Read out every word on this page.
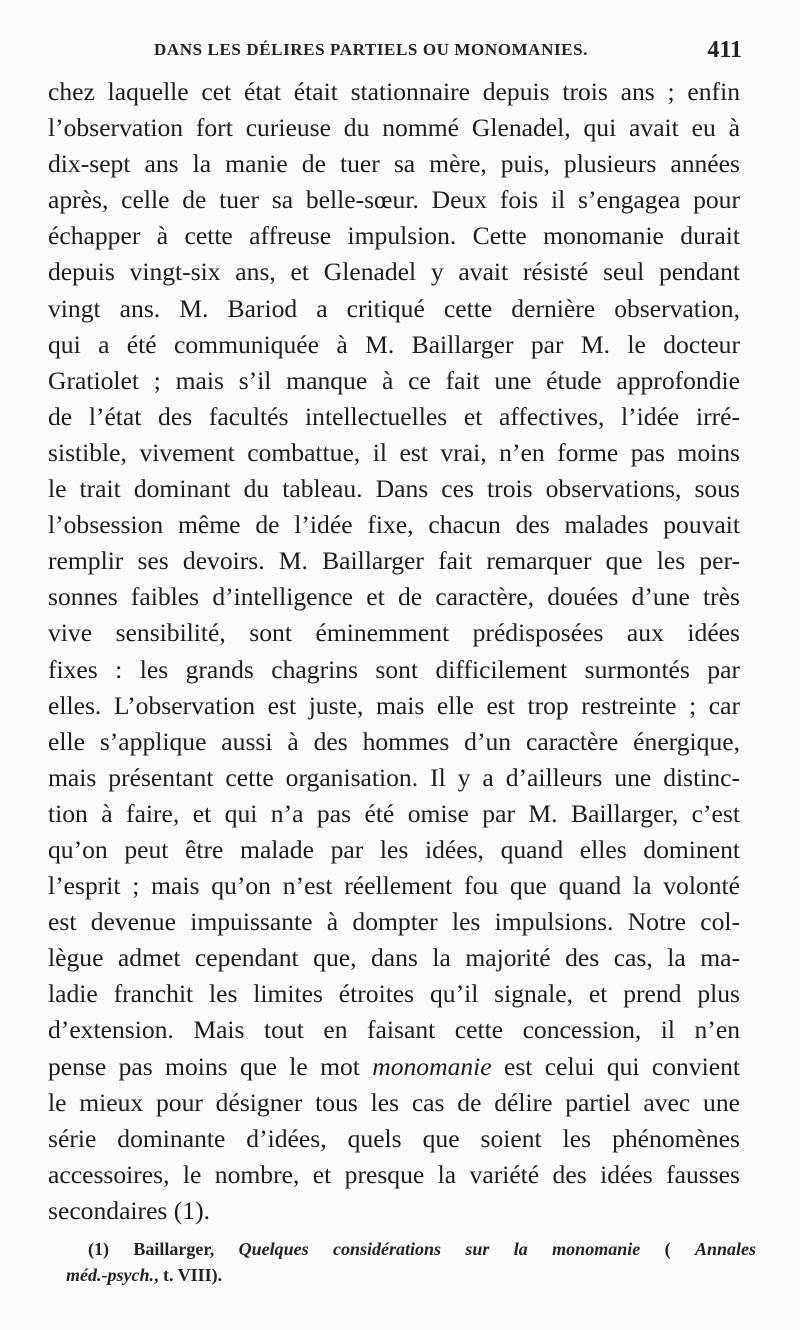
DANS LES DÉLIRES PARTIELS OU MONOMANIES.	411
chez laquelle cet état était stationnaire depuis trois ans ; enfin
l’observation fort curieuse du nommé Glenadel, qui avait eu à
dix-sept ans la manie de tuer sa mère, puis, plusieurs années
après, celle de tuer sa belle-sœur. Deux fois il s’engagea pour
échapper à cette affreuse impulsion. Cette monomanie durait
depuis vingt-six ans, et Glenadel y avait résisté seul pendant
vingt ans. M. Bariod a critiqué cette dernière observation,
qui a été communiquée à M. Baillarger par M. le docteur
Gratiolet ; mais s’il manque à ce fait une étude approfondie
de l’état des facultés intellectuelles et affectives, l’idée irré-
sistible, vivement combattue, il est vrai, n’en forme pas moins
le trait dominant du tableau. Dans ces trois observations, sous
l’obsession même de l’idée fixe, chacun des malades pouvait
remplir ses devoirs. M. Baillarger fait remarquer que les per-
sonnes faibles d’intelligence et de caractère, douées d’une très
vive sensibilité, sont éminemment prédisposées aux idées
fixes : les grands chagrins sont difficilement surmontés par
elles. L’observation est juste, mais elle est trop restreinte ; car
elle s’applique aussi à des hommes d’un caractère énergique,
mais présentant cette organisation. Il y a d’ailleurs une distinc-
tion à faire, et qui n’a pas été omise par M. Baillarger, c’est
qu’on peut être malade par les idées, quand elles dominent
l’esprit ; mais qu’on n’est réellement fou que quand la volonté
est devenue impuissante à dompter les impulsions. Notre col-
lègue admet cependant que, dans la majorité des cas, la ma-
ladie franchit les limites étroites qu’il signale, et prend plus
d’extension. Mais tout en faisant cette concession, il n’en
pense pas moins que le mot monomanie est celui qui convient
le mieux pour désigner tous les cas de délire partiel avec une
série dominante d’idées, quels que soient les phénomènes
accessoires, le nombre, et presque la variété des idées fausses
secondaires (1).
(1) Baillarger, Quelques considérations sur la monomanie ( Annales
méd.-psych., t. VIII).
